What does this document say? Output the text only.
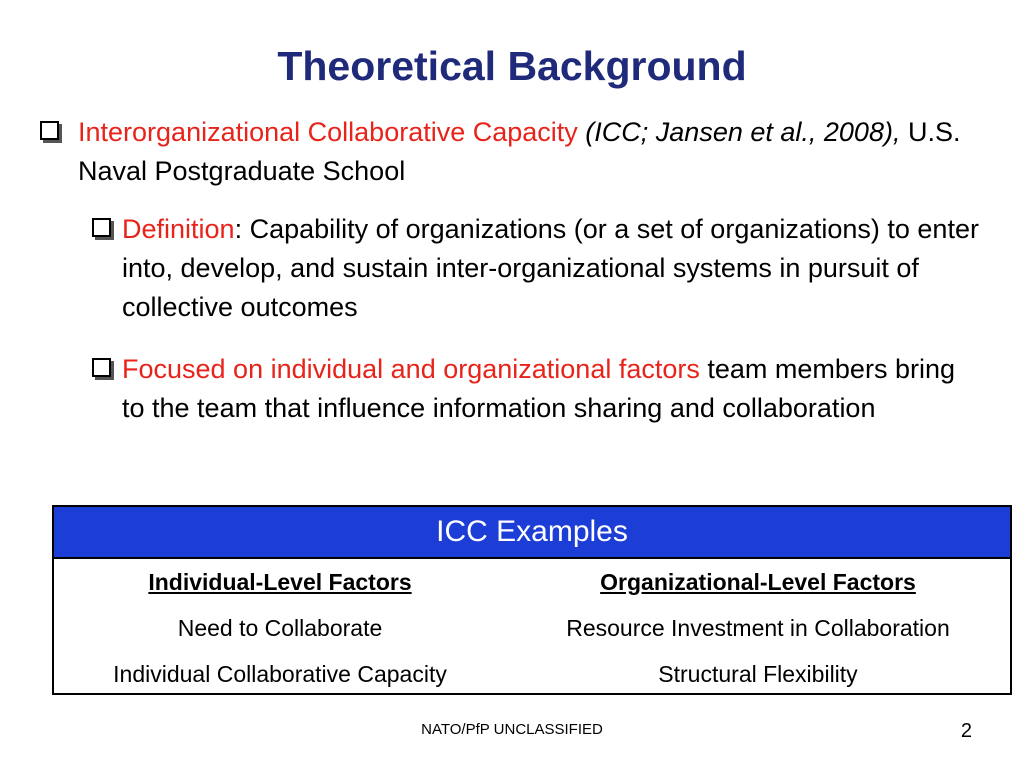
Theoretical Background
Interorganizational Collaborative Capacity (ICC; Jansen et al., 2008), U.S. Naval Postgraduate School
Definition: Capability of organizations (or a set of organizations) to enter into, develop, and sustain inter-organizational systems in pursuit of collective outcomes
Focused on individual and organizational factors team members bring to the team that influence information sharing and collaboration
ICC Examples
Individual-Level Factors	Organizational-Level Factors
Need to Collaborate	Resource Investment in Collaboration
Individual Collaborative Capacity	Structural Flexibility
NATO/PfP UNCLASSIFIED	2
